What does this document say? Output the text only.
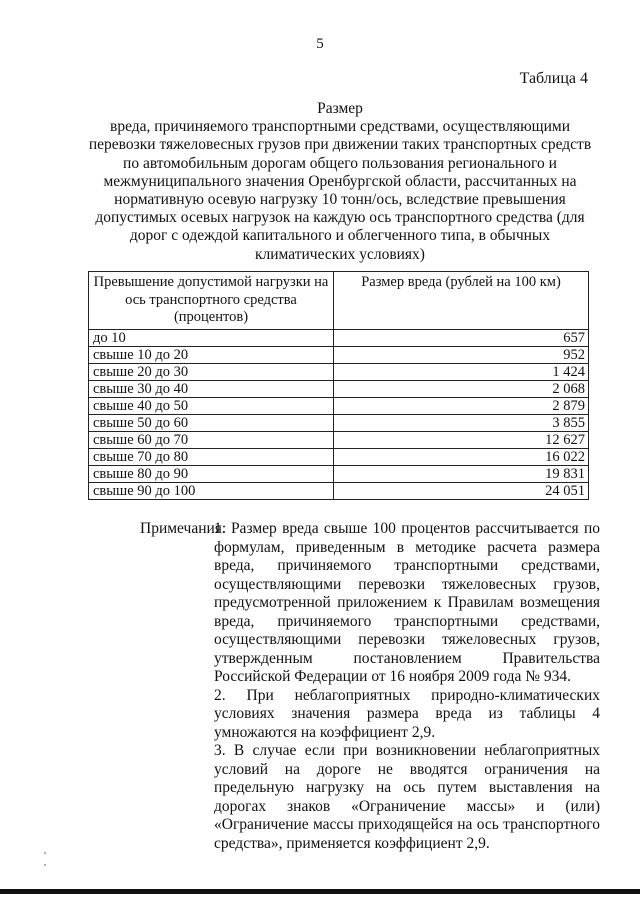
5
Таблица 4
Размер
вреда, причиняемого транспортными средствами, осуществляющими перевозки тяжеловесных грузов при движении таких транспортных средств по автомобильным дорогам общего пользования регионального и межмуниципального значения Оренбургской области, рассчитанных на нормативную осевую нагрузку 10 тонн/ось, вследствие превышения допустимых осевых нагрузок на каждую ось транспортного средства (для дорог с одеждой капитального и облегченного типа, в обычных климатических условиях)
Превышение допустимой нагрузки на ось транспортного средства (процентов)	Размер вреда (рублей на 100 км)
до 10	657
свыше 10 до 20	952
свыше 20 до 30	1 424
свыше 30 до 40	2 068
свыше 40 до 50	2 879
свыше 50 до 60	3 855
свыше 60 до 70	12 627
свыше 70 до 80	16 022
свыше 80 до 90	19 831
свыше 90 до 100	24 051
Примечания:
1. Размер вреда свыше 100 процентов рассчитывается по формулам, приведенным в методике расчета размера вреда, причиняемого транспортными средствами, осуществляющими перевозки тяжеловесных грузов, предусмотренной приложением к Правилам возмещения вреда, причиняемого транспортными средствами, осуществляющими перевозки тяжеловесных грузов, утвержденным постановлением Правительства Российской Федерации от 16 ноября 2009 года № 934.
2. При неблагоприятных природно-климатических условиях значения размера вреда из таблицы 4 умножаются на коэффициент 2,9.
3. В случае если при возникновении неблагоприятных условий на дороге не вводятся ограничения на предельную нагрузку на ось путем выставления на дорогах знаков «Ограничение массы» и (или) «Ограничение массы приходящейся на ось транспортного средства», применяется коэффициент 2,9.
